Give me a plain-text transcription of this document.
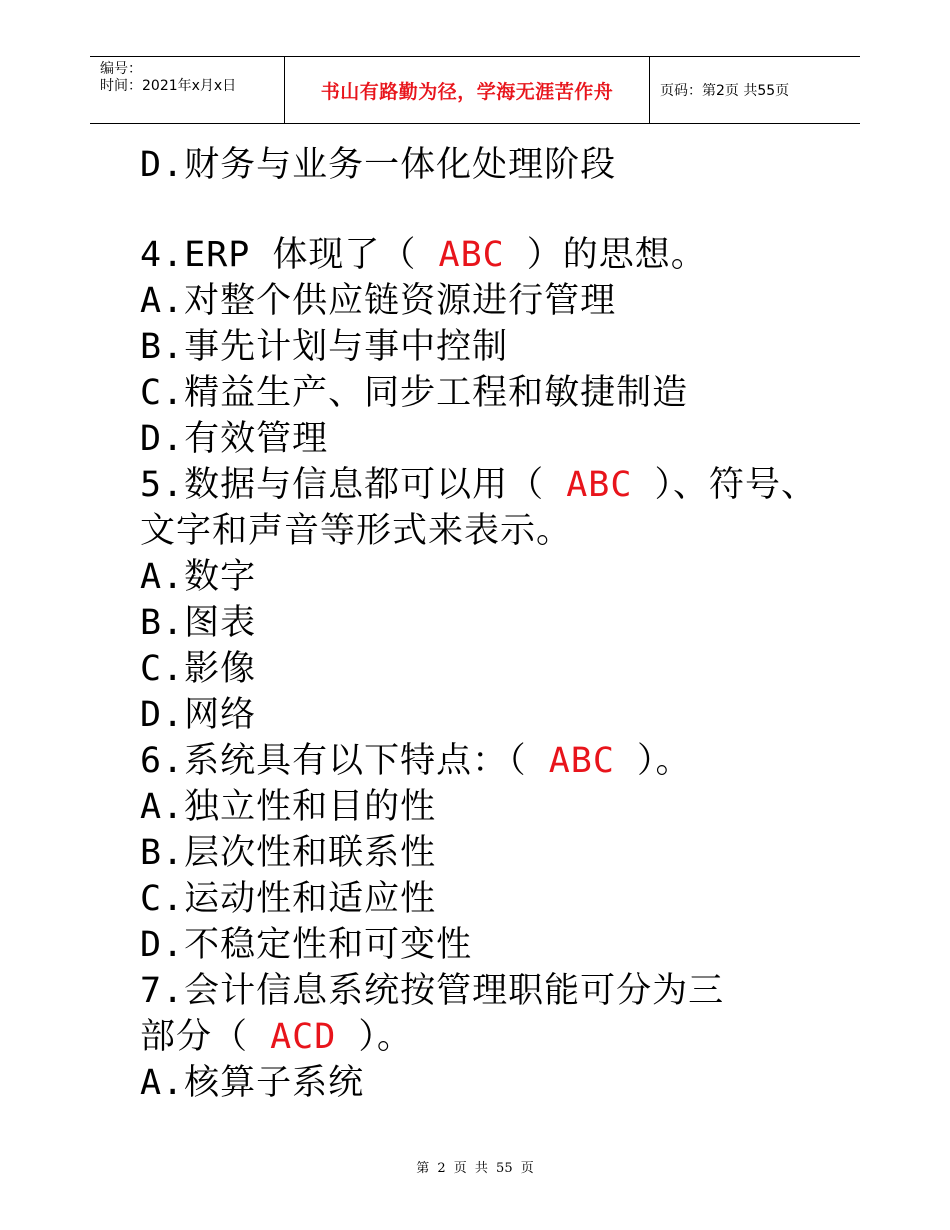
编号：
时间：2021年x月x日	书山有路勤为径，学海无涯苦作舟	页码：第2页 共55页
D.财务与业务一体化处理阶段
4.ERP 体现了（ ABC ）的思想。
A.对整个供应链资源进行管理
B.事先计划与事中控制
C.精益生产、同步工程和敏捷制造
D.有效管理
5.数据与信息都可以用（ ABC ）、符号、
文字和声音等形式来表示。
A.数字
B.图表
C.影像
D.网络
6.系统具有以下特点：（ ABC ）。
A.独立性和目的性
B.层次性和联系性
C.运动性和适应性
D.不稳定性和可变性
7.会计信息系统按管理职能可分为三
部分（ ACD ）。
A.核算子系统
第 2 页 共 55 页
